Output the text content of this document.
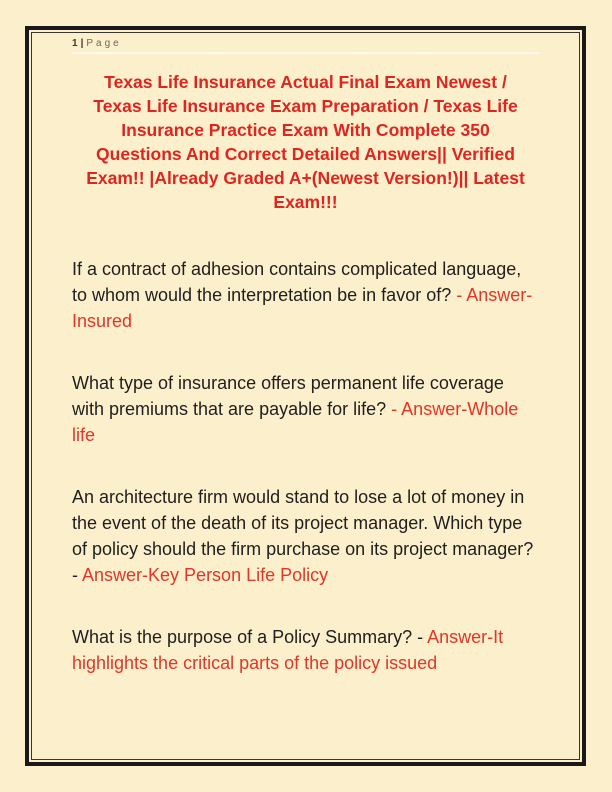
1 | Page
Texas Life Insurance Actual Final Exam Newest / Texas Life Insurance Exam Preparation / Texas Life Insurance Practice Exam With Complete 350 Questions And Correct Detailed Answers|| Verified Exam!! |Already Graded A+(Newest Version!)|| Latest Exam!!!

If a contract of adhesion contains complicated language, to whom would the interpretation be in favor of? - Answer-Insured

What type of insurance offers permanent life coverage with premiums that are payable for life? - Answer-Whole life

An architecture firm would stand to lose a lot of money in the event of the death of its project manager. Which type of policy should the firm purchase on its project manager? - Answer-Key Person Life Policy

What is the purpose of a Policy Summary? - Answer-It highlights the critical parts of the policy issued
